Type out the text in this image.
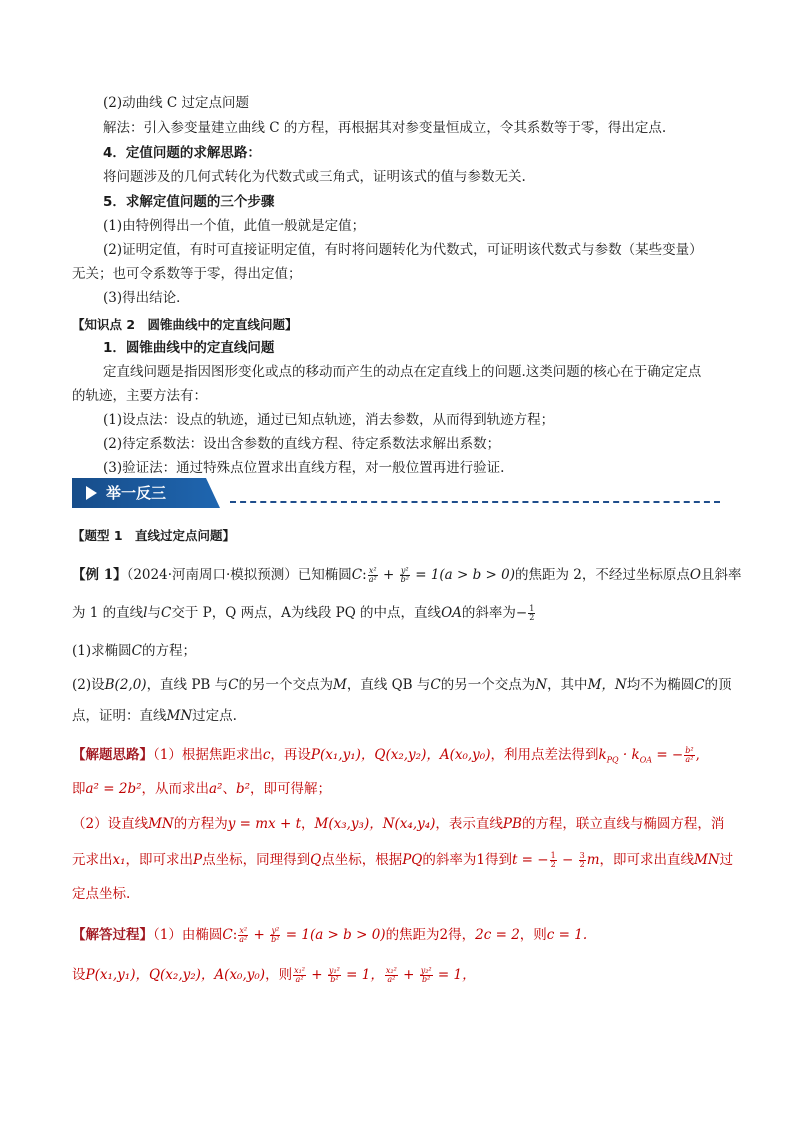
(2)动曲线 C 过定点问题
解法：引入参变量建立曲线 C 的方程，再根据其对参变量恒成立，令其系数等于零，得出定点.
4．定值问题的求解思路：
将问题涉及的几何式转化为代数式或三角式，证明该式的值与参数无关.
5．求解定值问题的三个步骤
(1)由特例得出一个值，此值一般就是定值；
(2)证明定值，有时可直接证明定值，有时将问题转化为代数式，可证明该代数式与参数（某些变量）
无关；也可令系数等于零，得出定值；
(3)得出结论．
【知识点 2　圆锥曲线中的定直线问题】
1．圆锥曲线中的定直线问题
定直线问题是指因图形变化或点的移动而产生的动点在定直线上的问题.这类问题的核心在于确定定点
的轨迹，主要方法有：
(1)设点法：设点的轨迹，通过已知点轨迹，消去参数，从而得到轨迹方程；
(2)待定系数法：设出含参数的直线方程、待定系数法求解出系数；
(3)验证法：通过特殊点位置求出直线方程，对一般位置再进行验证.
举一反三
【题型 1　直线过定点问题】
【例 1】（2024·河南周口·模拟预测）已知椭圆C: $\frac{\text{x²}}{\text{a²}} + \frac{\text{y²}}{\text{b²}} = 1(a > b > 0)$的焦距为 2，不经过坐标原点O且斜率
为 1 的直线l与C交于 P，Q 两点，A为线段 PQ 的中点，直线OA的斜率为− $\frac{1}{2}$
(1)求椭圆C的方程；
(2)设B(2,0)，直线 PB 与C的另一个交点为M，直线 QB 与C的另一个交点为N，其中M，N均不为椭圆C的顶
点，证明：直线MN过定点.
【解题思路】（1）根据焦距求出c，再设P(x₁,y₁)，Q(x₂,y₂)，A(x₀,y₀)，利用点差法得到$k_{PQ} \cdot k_{OA}$ = − $\frac{\text{b²}}{\text{a²}}$ ,
即a² = 2b²，从而求出a²、b²，即可得解；
（2）设直线MN的方程为y = mx + t，M(x₃,y₃)，N(x₄,y₄)，表示直线PB的方程，联立直线与椭圆方程，消
元求出x₁，即可求出P点坐标，同理得到Q点坐标，根据PQ的斜率为1得到t = − $\frac{1}{2} - \frac{3}{2}$ m，即可求出直线MN过
定点坐标.
【解答过程】（1）由椭圆C: $\frac{\text{x²}}{\text{a²}} + \frac{\text{y²}}{\text{b²}} = 1(a > b > 0)$的焦距为2得，2c = 2，则c = 1.
设P(x₁,y₁)，Q(x₂,y₂)，A(x₀,y₀)，则 $\frac{\text{x₁²}}{\text{a²}} + \frac{\text{y₁²}}{\text{b²}} = 1$， $\frac{\text{x₂²}}{\text{a²}} + \frac{\text{y₂²}}{\text{b²}} = 1$，
